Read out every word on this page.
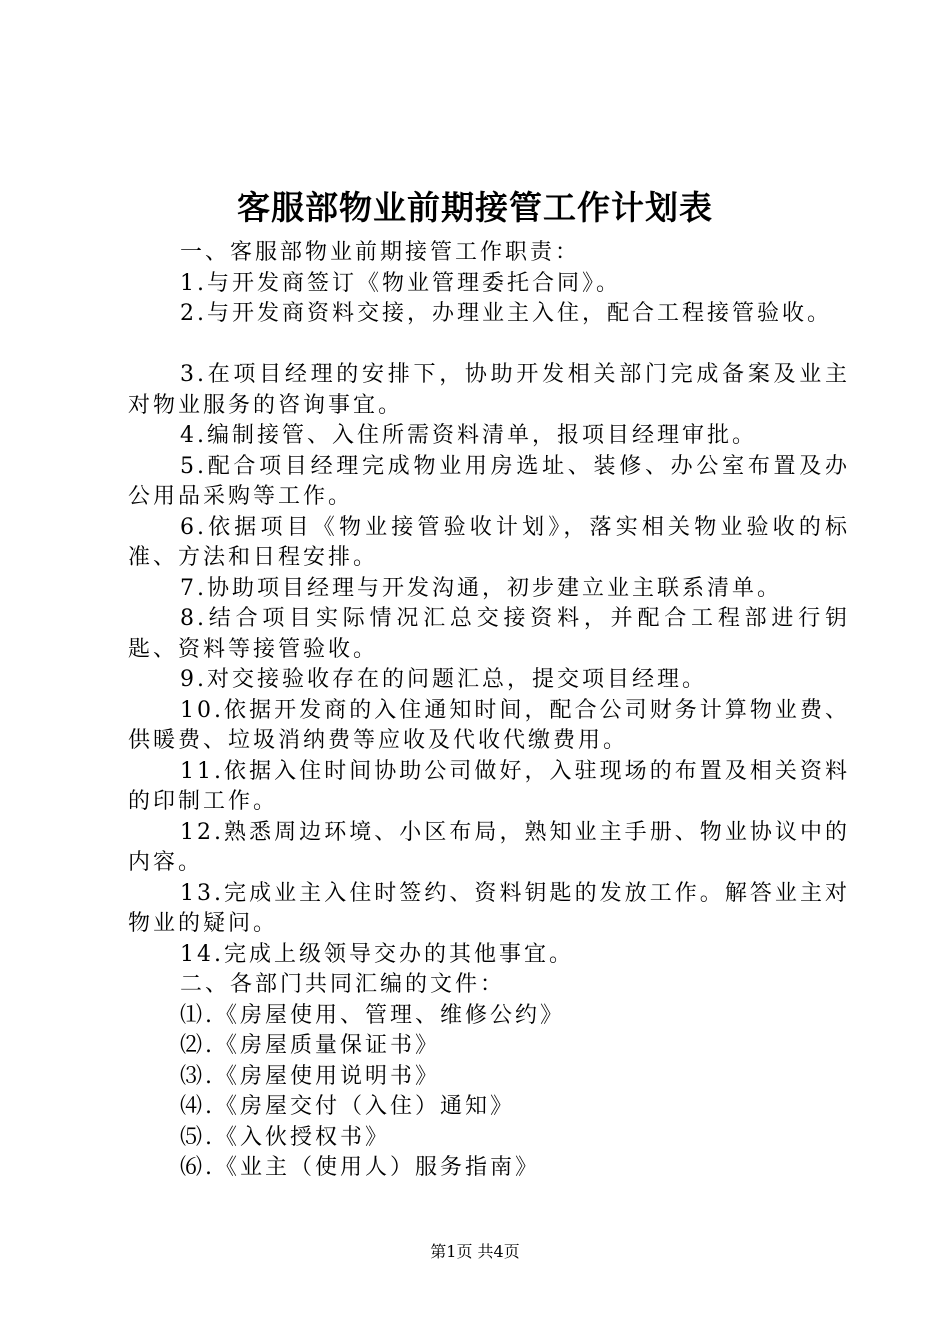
客服部物业前期接管工作计划表

一、客服部物业前期接管工作职责：

1.与开发商签订《物业管理委托合同》。

2.与开发商资料交接，办理业主入住，配合工程接管验收。

3.在项目经理的安排下，协助开发相关部门完成备案及业主对物业服务的咨询事宜。

4.编制接管、入住所需资料清单，报项目经理审批。

5.配合项目经理完成物业用房选址、装修、办公室布置及办公用品采购等工作。

6.依据项目《物业接管验收计划》，落实相关物业验收的标准、方法和日程安排。

7.协助项目经理与开发沟通，初步建立业主联系清单。

8.结合项目实际情况汇总交接资料，并配合工程部进行钥匙、资料等接管验收。

9.对交接验收存在的问题汇总，提交项目经理。

10.依据开发商的入住通知时间，配合公司财务计算物业费、供暖费、垃圾消纳费等应收及代收代缴费用。

11.依据入住时间协助公司做好，入驻现场的布置及相关资料的印制工作。

12.熟悉周边环境、小区布局，熟知业主手册、物业协议中的内容。

13.完成业主入住时签约、资料钥匙的发放工作。解答业主对物业的疑问。

14.完成上级领导交办的其他事宜。

二、各部门共同汇编的文件：

⑴.《房屋使用、管理、维修公约》

⑵.《房屋质量保证书》

⑶.《房屋使用说明书》

⑷.《房屋交付（入住）通知》

⑸.《入伙授权书》

⑹.《业主（使用人）服务指南》

第1页 共4页
